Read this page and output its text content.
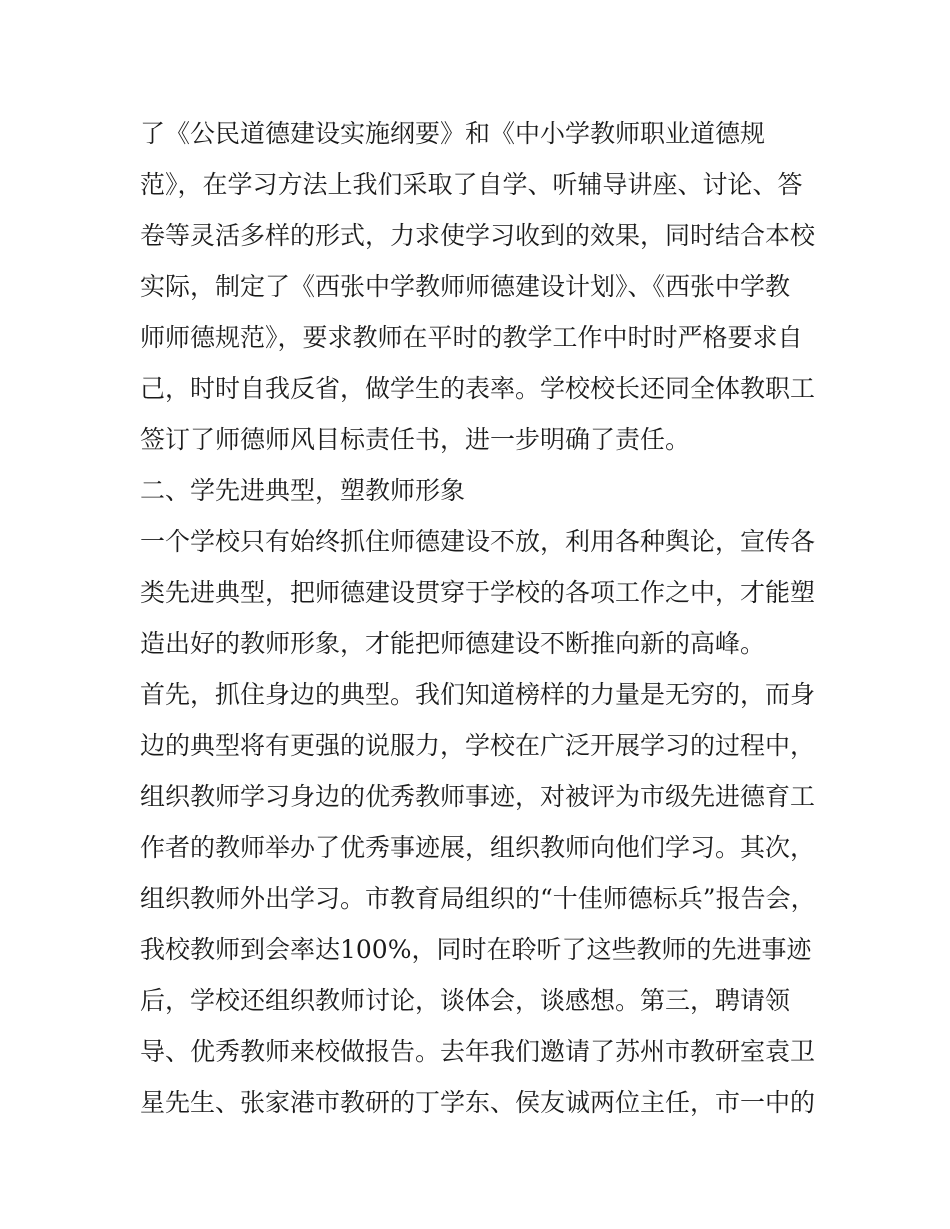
了《公民道德建设实施纲要》和《中小学教师职业道德规
范》，在学习方法上我们采取了自学、听辅导讲座、讨论、答
卷等灵活多样的形式，力求使学习收到的效果，同时结合本校
实际，制定了《西张中学教师师德建设计划》、《西张中学教
师师德规范》，要求教师在平时的教学工作中时时严格要求自
己，时时自我反省，做学生的表率。学校校长还同全体教职工
签订了师德师风目标责任书，进一步明确了责任。
二、学先进典型，塑教师形象
一个学校只有始终抓住师德建设不放，利用各种舆论，宣传各
类先进典型，把师德建设贯穿于学校的各项工作之中，才能塑
造出好的教师形象，才能把师德建设不断推向新的高峰。
首先，抓住身边的典型。我们知道榜样的力量是无穷的，而身
边的典型将有更强的说服力，学校在广泛开展学习的过程中，
组织教师学习身边的优秀教师事迹，对被评为市级先进德育工
作者的教师举办了优秀事迹展，组织教师向他们学习。其次，
组织教师外出学习。市教育局组织的“十佳师德标兵”报告会，
我校教师到会率达100%，同时在聆听了这些教师的先进事迹
后，学校还组织教师讨论，谈体会，谈感想。第三，聘请领
导、优秀教师来校做报告。去年我们邀请了苏州市教研室袁卫
星先生、张家港市教研的丁学东、侯友诚两位主任，市一中的
